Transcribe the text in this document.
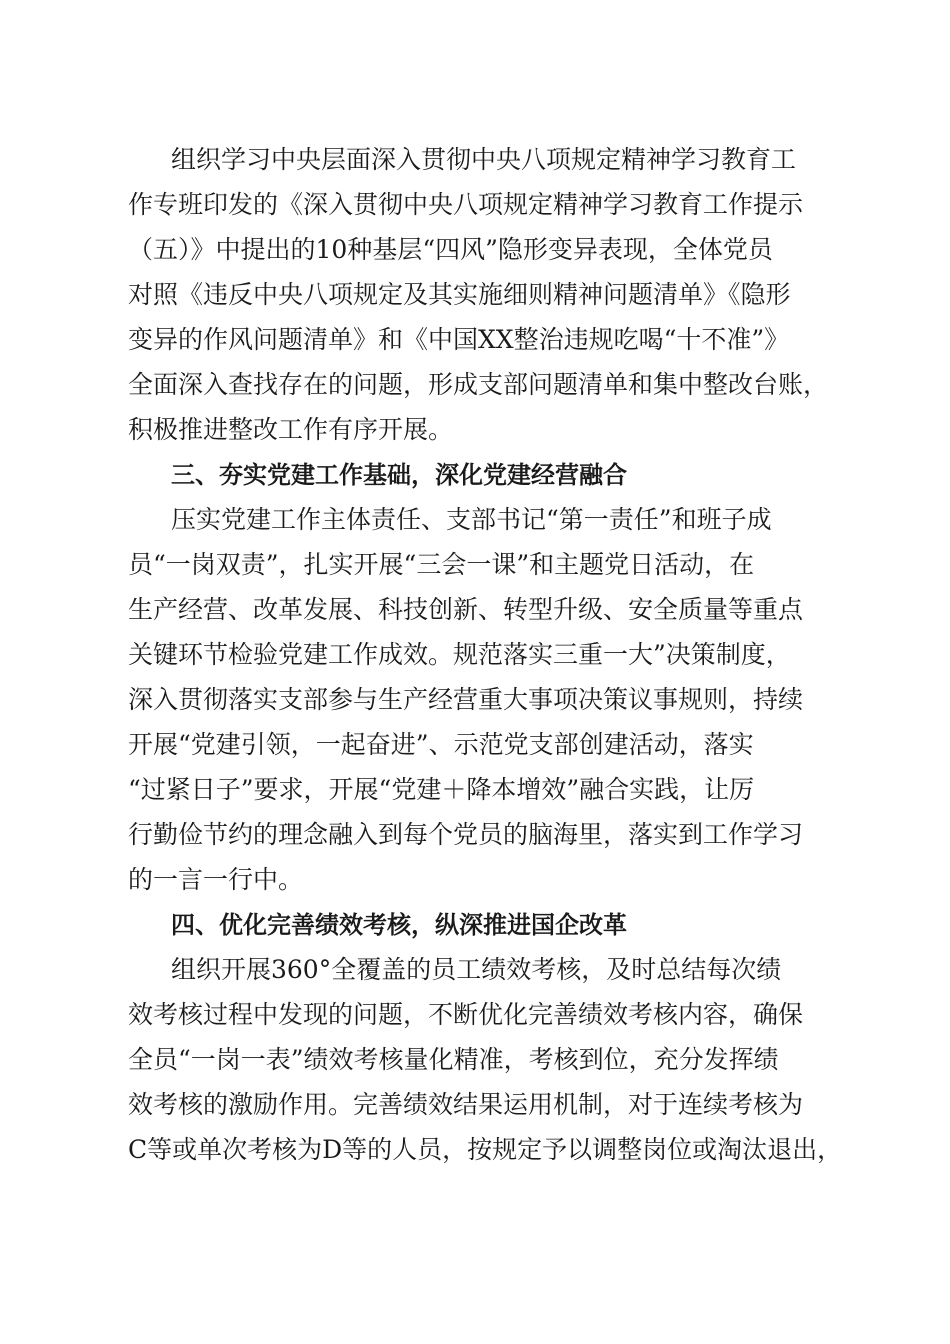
组织学习中央层面深入贯彻中央八项规定精神学习教育工
作专班印发的《深入贯彻中央八项规定精神学习教育工作提示
（五）》中提出的10种基层“四风”隐形变异表现，全体党员
对照《违反中央八项规定及其实施细则精神问题清单》《隐形
变异的作风问题清单》和《中国XX整治违规吃喝“十不准”》
全面深入查找存在的问题，形成支部问题清单和集中整改台账，
积极推进整改工作有序开展。
三、夯实党建工作基础，深化党建经营融合
压实党建工作主体责任、支部书记“第一责任”和班子成
员“一岗双责”，扎实开展“三会一课”和主题党日活动，在
生产经营、改革发展、科技创新、转型升级、安全质量等重点
关键环节检验党建工作成效。规范落实三重一大”决策制度，
深入贯彻落实支部参与生产经营重大事项决策议事规则，持续
开展“党建引领，一起奋进”、示范党支部创建活动，落实
“过紧日子”要求，开展“党建＋降本增效”融合实践，让厉
行勤俭节约的理念融入到每个党员的脑海里，落实到工作学习
的一言一行中。
四、优化完善绩效考核，纵深推进国企改革
组织开展360°全覆盖的员工绩效考核，及时总结每次绩
效考核过程中发现的问题，不断优化完善绩效考核内容，确保
全员“一岗一表”绩效考核量化精准，考核到位，充分发挥绩
效考核的激励作用。完善绩效结果运用机制，对于连续考核为
C等或单次考核为D等的人员，按规定予以调整岗位或淘汰退出，
